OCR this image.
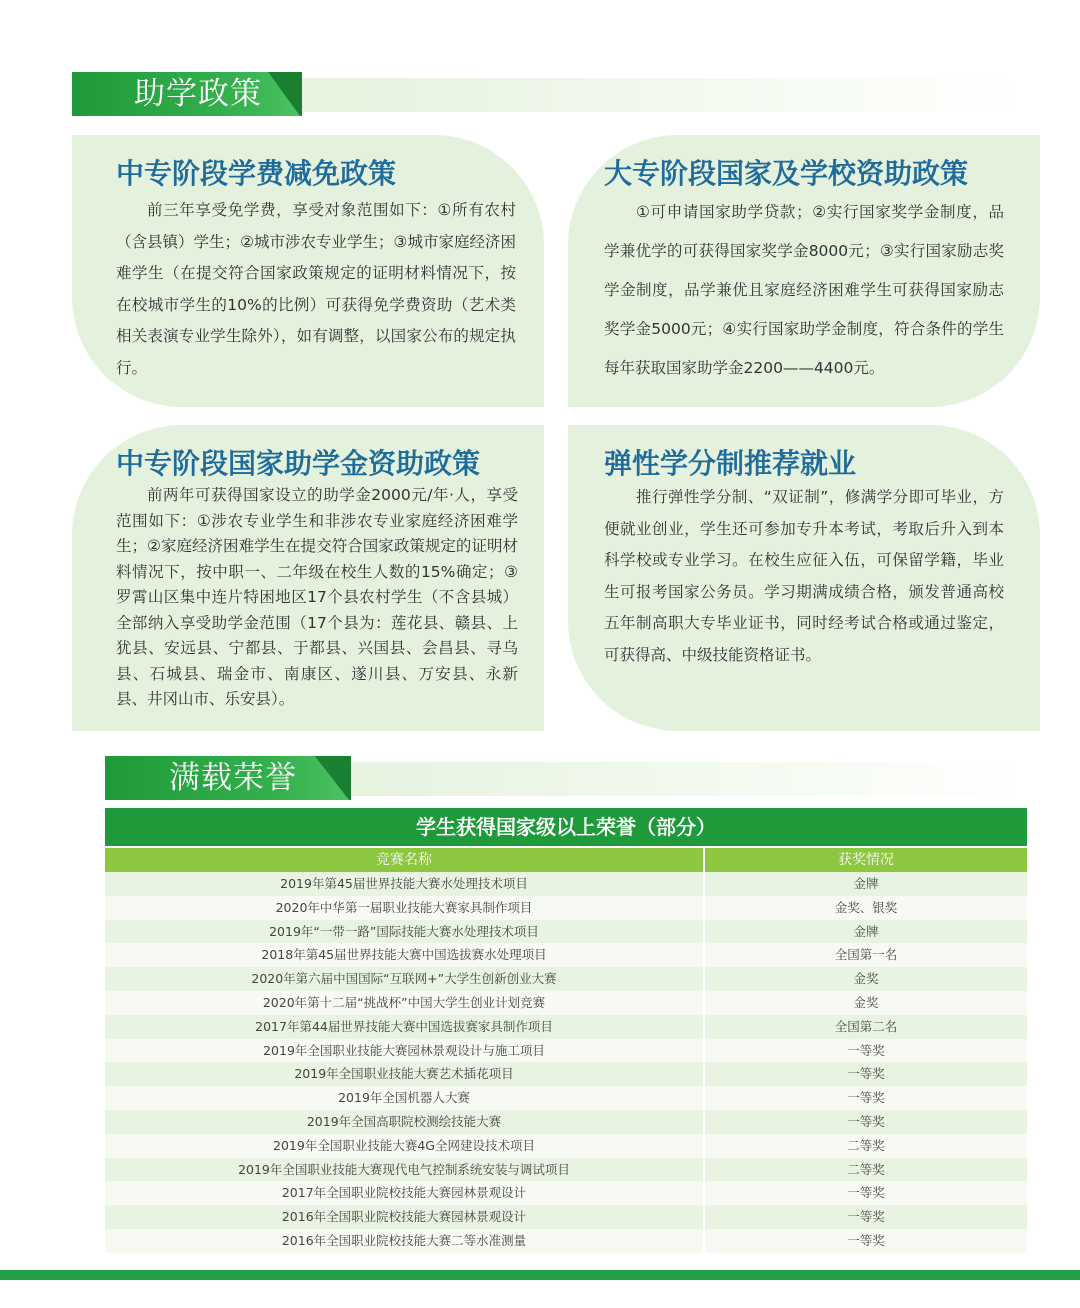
助学政策
中专阶段学费减免政策

前三年享受免学费，享受对象范围如下：①所有农村（含县镇）学生；②城市涉农专业学生；③城市家庭经济困难学生（在提交符合国家政策规定的证明材料情况下，按在校城市学生的10%的比例）可获得免学费资助（艺术类相关表演专业学生除外），如有调整，以国家公布的规定执行。

大专阶段国家及学校资助政策

①可申请国家助学贷款；②实行国家奖学金制度，品学兼优学的可获得国家奖学金8000元；③实行国家励志奖学金制度，品学兼优且家庭经济困难学生可获得国家励志奖学金5000元；④实行国家助学金制度，符合条件的学生每年获取国家助学金2200——4400元。

中专阶段国家助学金资助政策

前两年可获得国家设立的助学金2000元/年·人，享受范围如下：①涉农专业学生和非涉农专业家庭经济困难学生；②家庭经济困难学生在提交符合国家政策规定的证明材料情况下，按中职一、二年级在校生人数的15%确定；③罗霄山区集中连片特困地区17个县农村学生（不含县城）全部纳入享受助学金范围（17个县为：莲花县、赣县、上犹县、安远县、宁都县、于都县、兴国县、会昌县、寻乌县、石城县、瑞金市、南康区、遂川县、万安县、永新县、井冈山市、乐安县）。

弹性学分制推荐就业

推行弹性学分制、“双证制”，修满学分即可毕业，方便就业创业，学生还可参加专升本考试，考取后升入到本科学校或专业学习。在校生应征入伍，可保留学籍，毕业生可报考国家公务员。学习期满成绩合格，颁发普通高校五年制高职大专毕业证书，同时经考试合格或通过鉴定，可获得高、中级技能资格证书。

满载荣誉
学生获得国家级以上荣誉（部分）
竞赛名称	获奖情况
2019年第45届世界技能大赛水处理技术项目	金牌
2020年中华第一届职业技能大赛家具制作项目	金奖、银奖
2019年“一带一路”国际技能大赛水处理技术项目	金牌
2018年第45届世界技能大赛中国选拔赛水处理项目	全国第一名
2020年第六届中国国际“互联网+”大学生创新创业大赛	金奖
2020年第十二届“挑战杯”中国大学生创业计划竞赛	金奖
2017年第44届世界技能大赛中国选拔赛家具制作项目	全国第二名
2019年全国职业技能大赛园林景观设计与施工项目	一等奖
2019年全国职业技能大赛艺术插花项目	一等奖
2019年全国机器人大赛	一等奖
2019年全国高职院校测绘技能大赛	一等奖
2019年全国职业技能大赛4G全网建设技术项目	二等奖
2019年全国职业技能大赛现代电气控制系统安装与调试项目	二等奖
2017年全国职业院校技能大赛园林景观设计	一等奖
2016年全国职业院校技能大赛园林景观设计	一等奖
2016年全国职业院校技能大赛二等水准测量	一等奖
